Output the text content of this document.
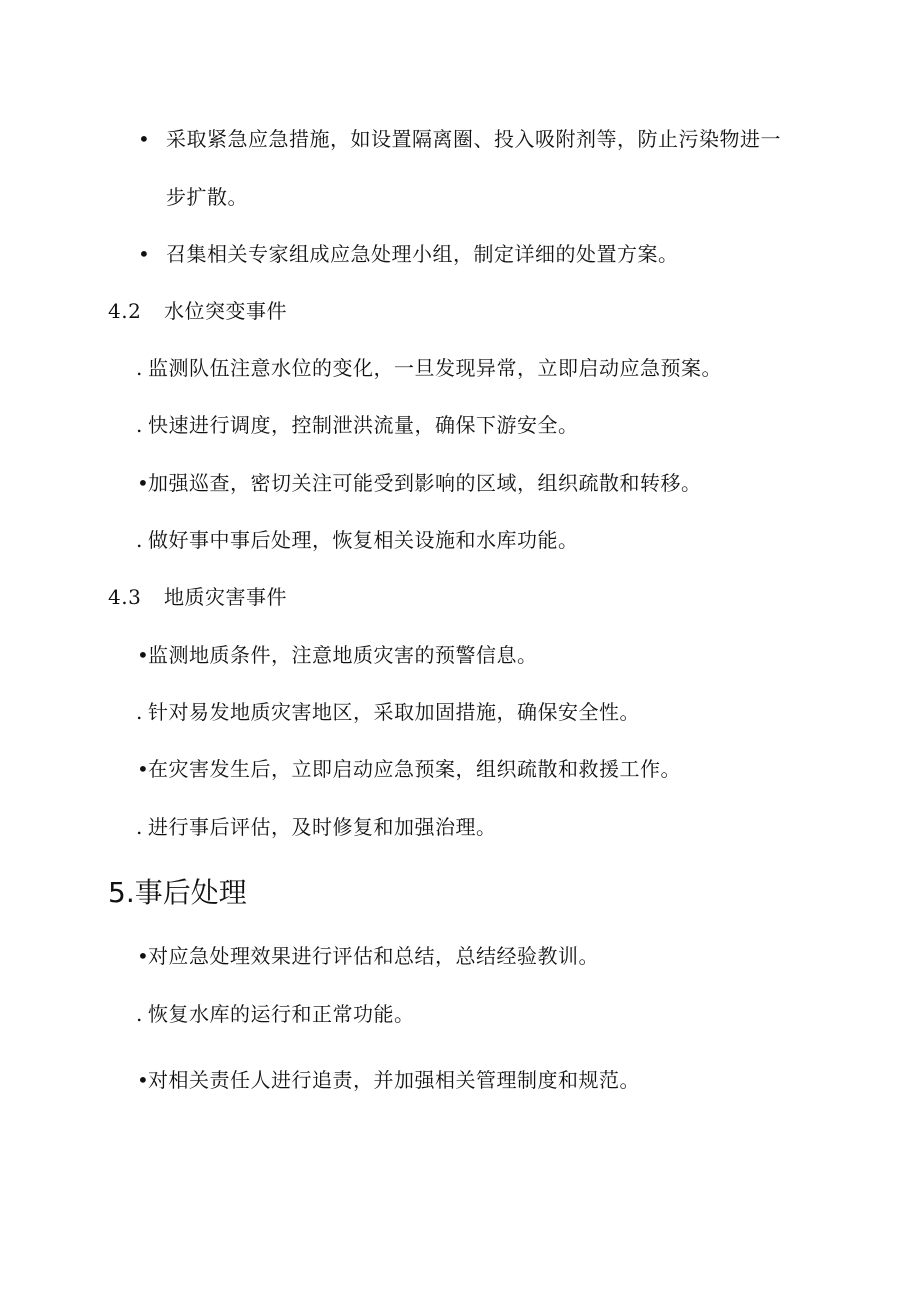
• 采取紧急应急措施，如设置隔离圈、投入吸附剂等，防止污染物进一
步扩散。
• 召集相关专家组成应急处理小组，制定详细的处置方案。
4.2 水位突变事件
. 监测队伍注意水位的变化，一旦发现异常，立即启动应急预案。
. 快速进行调度，控制泄洪流量，确保下游安全。
• 加强巡查，密切关注可能受到影响的区域，组织疏散和转移。
. 做好事中事后处理，恢复相关设施和水库功能。
4.3 地质灾害事件
• 监测地质条件，注意地质灾害的预警信息。
. 针对易发地质灾害地区，采取加固措施，确保安全性。
• 在灾害发生后，立即启动应急预案，组织疏散和救援工作。
. 进行事后评估，及时修复和加强治理。
5.事后处理
• 对应急处理效果进行评估和总结，总结经验教训。
. 恢复水库的运行和正常功能。
• 对相关责任人进行追责，并加强相关管理制度和规范。
